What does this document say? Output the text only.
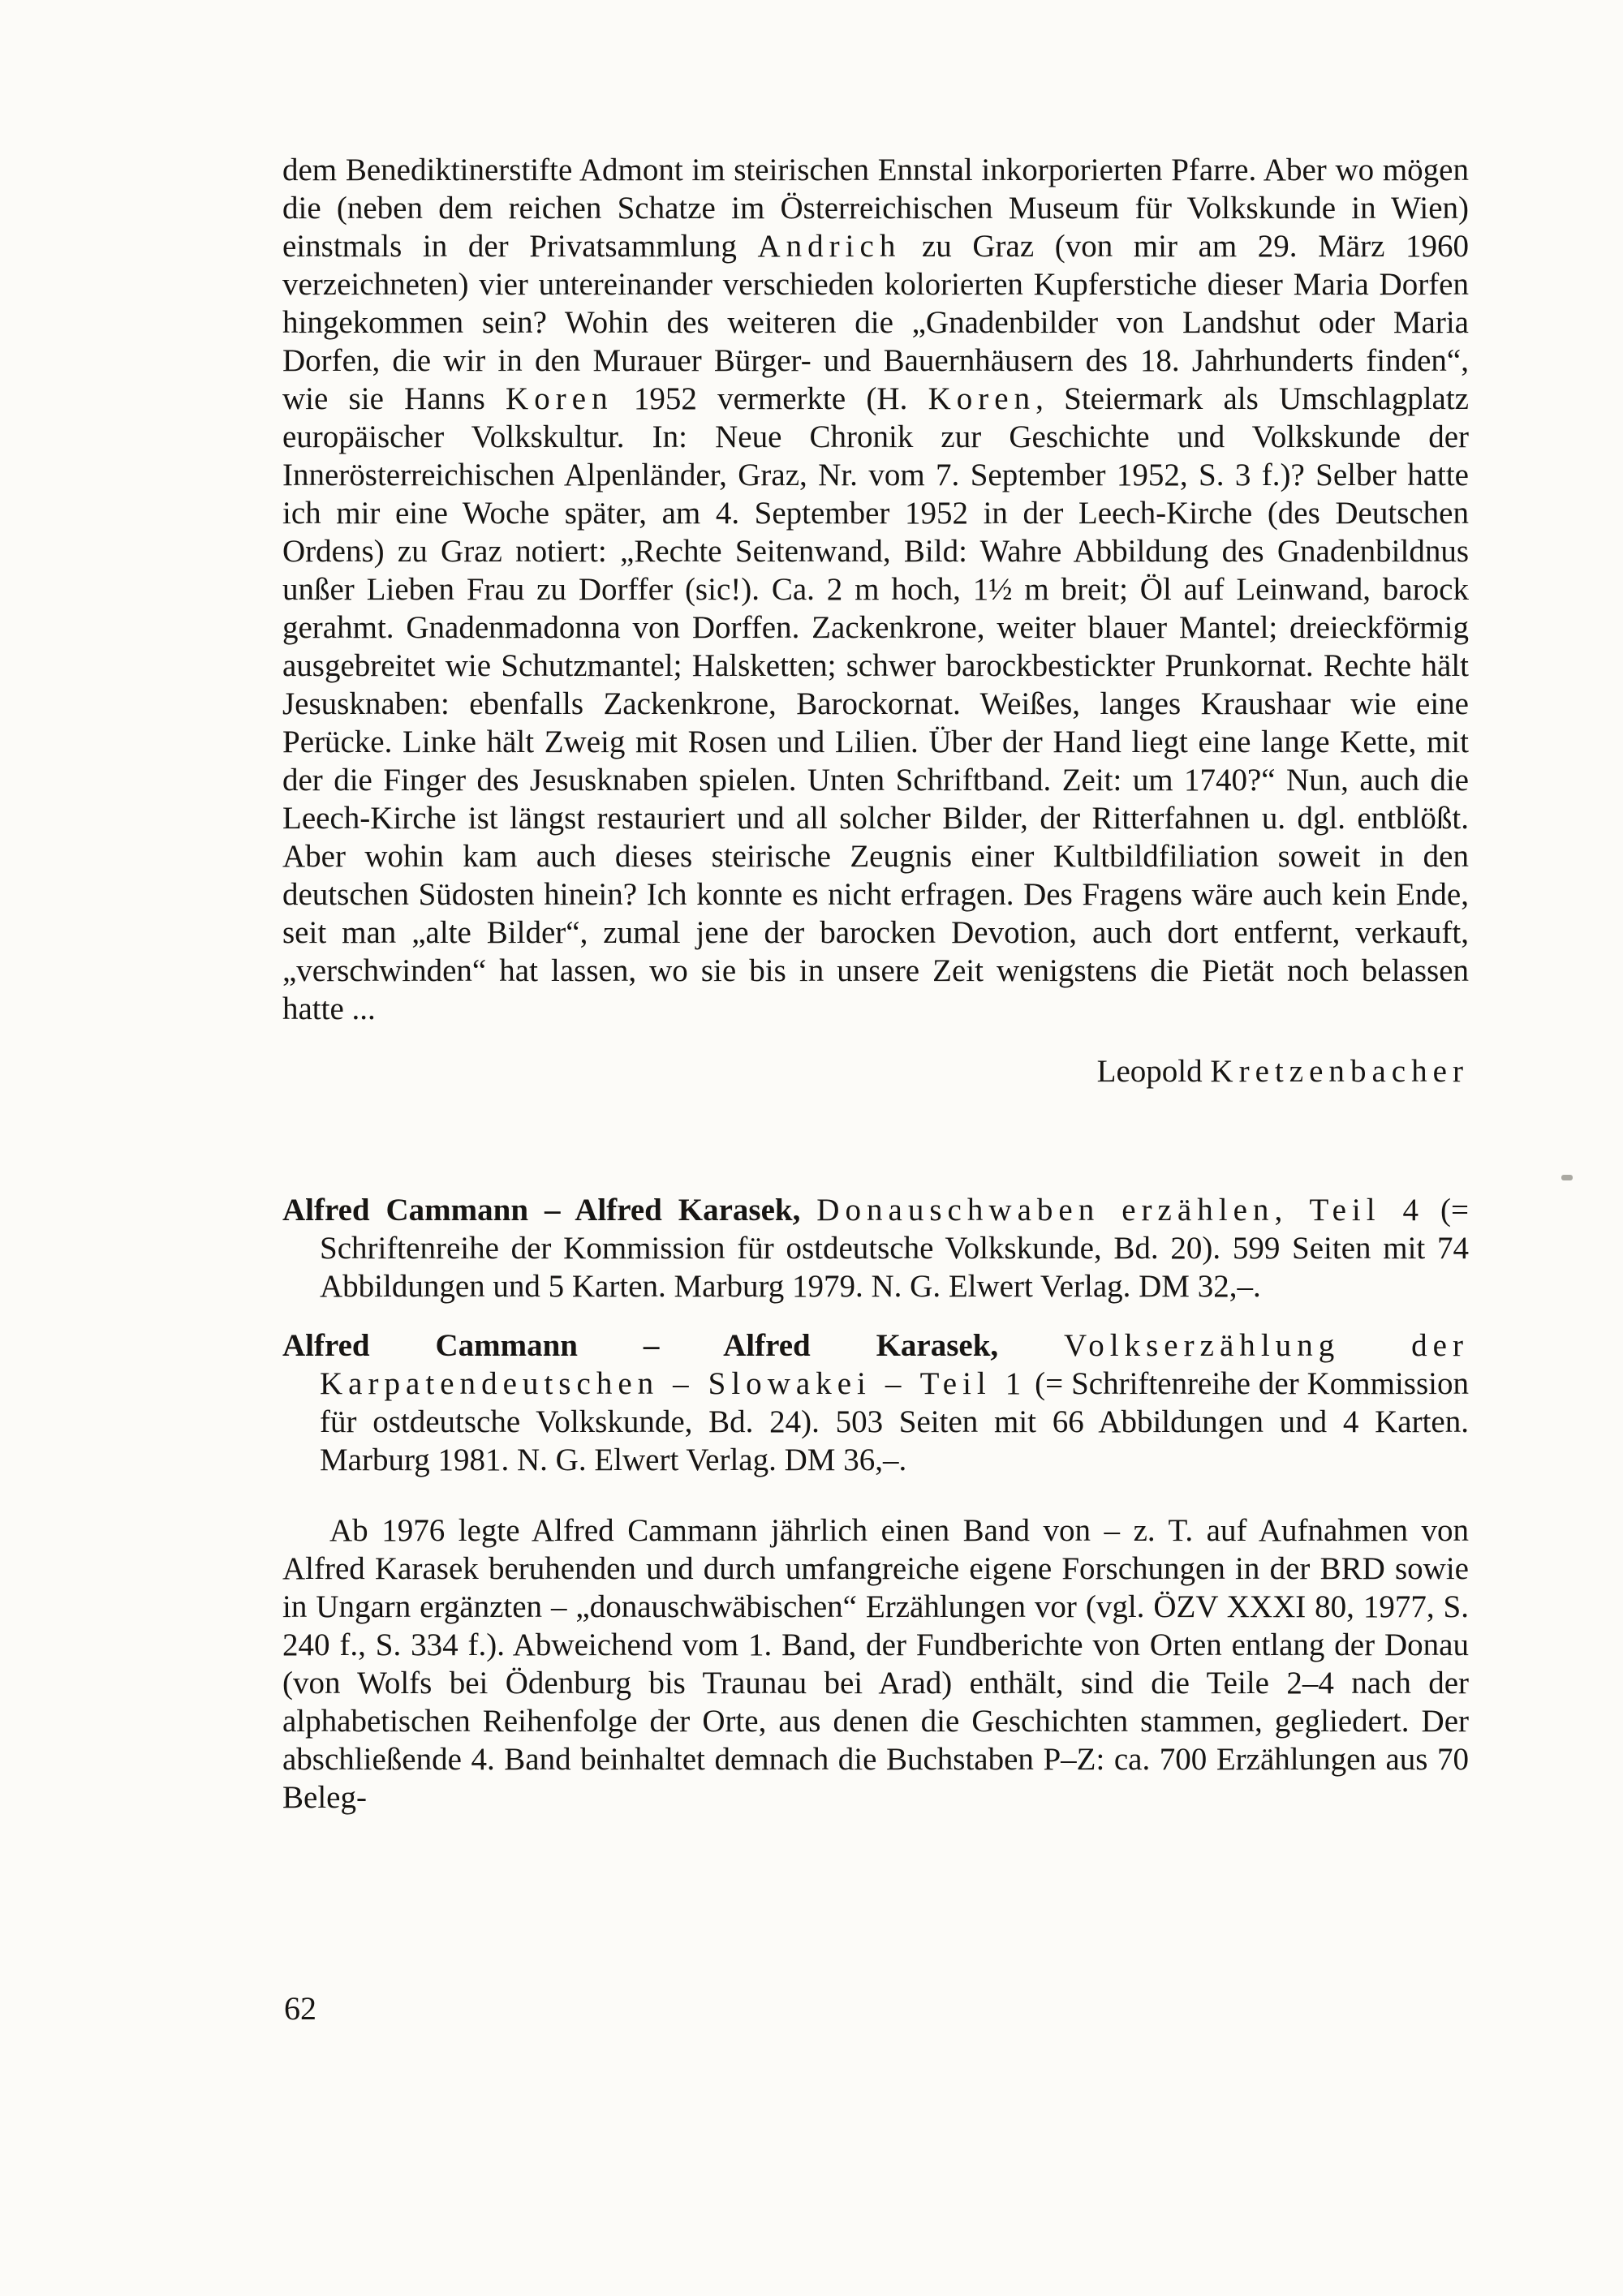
dem Benediktinerstifte Admont im steirischen Ennstal inkorporierten Pfarre. Aber wo mögen die (neben dem reichen Schatze im Österreichischen Museum für Volkskunde in Wien) einstmals in der Privatsammlung Andrich zu Graz (von mir am 29. März 1960 verzeichneten) vier untereinander verschieden kolorierten Kupferstiche dieser Maria Dorfen hingekommen sein? Wohin des weiteren die „Gnadenbilder von Landshut oder Maria Dorfen, die wir in den Murauer Bürger- und Bauernhäusern des 18. Jahrhunderts finden“, wie sie Hanns Koren 1952 vermerkte (H. Koren, Steiermark als Umschlagplatz europäischer Volkskultur. In: Neue Chronik zur Geschichte und Volkskunde der Innerösterreichischen Alpenländer, Graz, Nr. vom 7. September 1952, S. 3 f.)? Selber hatte ich mir eine Woche später, am 4. September 1952 in der Leech-Kirche (des Deutschen Ordens) zu Graz notiert: „Rechte Seitenwand, Bild: Wahre Abbildung des Gnadenbildnus unßer Lieben Frau zu Dorffer (sic!). Ca. 2 m hoch, 1½ m breit; Öl auf Leinwand, barock gerahmt. Gnadenmadonna von Dorffen. Zackenkrone, weiter blauer Mantel; dreieckförmig ausgebreitet wie Schutzmantel; Halsketten; schwer barockbestickter Prunkornat. Rechte hält Jesusknaben: ebenfalls Zackenkrone, Barockornat. Weißes, langes Kraushaar wie eine Perücke. Linke hält Zweig mit Rosen und Lilien. Über der Hand liegt eine lange Kette, mit der die Finger des Jesusknaben spielen. Unten Schriftband. Zeit: um 1740?“ Nun, auch die Leech-Kirche ist längst restauriert und all solcher Bilder, der Ritterfahnen u. dgl. entblößt. Aber wohin kam auch dieses steirische Zeugnis einer Kultbildfiliation soweit in den deutschen Südosten hinein? Ich konnte es nicht erfragen. Des Fragens wäre auch kein Ende, seit man „alte Bilder“, zumal jene der barocken Devotion, auch dort entfernt, verkauft, „verschwinden“ hat lassen, wo sie bis in unsere Zeit wenigstens die Pietät noch belassen hatte ...

Leopold Kretzenbacher

Alfred Cammann – Alfred Karasek, Donauschwaben erzählen, Teil 4 (= Schriftenreihe der Kommission für ostdeutsche Volkskunde, Bd. 20). 599 Seiten mit 74 Abbildungen und 5 Karten. Marburg 1979. N. G. Elwert Verlag. DM 32,–.

Alfred Cammann – Alfred Karasek, Volkserzählung der Karpatendeutschen – Slowakei – Teil 1 (= Schriftenreihe der Kommission für ostdeutsche Volkskunde, Bd. 24). 503 Seiten mit 66 Abbildungen und 4 Karten. Marburg 1981. N. G. Elwert Verlag. DM 36,–.

Ab 1976 legte Alfred Cammann jährlich einen Band von – z. T. auf Aufnahmen von Alfred Karasek beruhenden und durch umfangreiche eigene Forschungen in der BRD sowie in Ungarn ergänzten – „donauschwäbischen“ Erzählungen vor (vgl. ÖZV XXXI 80, 1977, S. 240 f., S. 334 f.). Abweichend vom 1. Band, der Fundberichte von Orten entlang der Donau (von Wolfs bei Ödenburg bis Traunau bei Arad) enthält, sind die Teile 2–4 nach der alphabetischen Reihenfolge der Orte, aus denen die Geschichten stammen, gegliedert. Der abschließende 4. Band beinhaltet demnach die Buchstaben P–Z: ca. 700 Erzählungen aus 70 Beleg-

62
